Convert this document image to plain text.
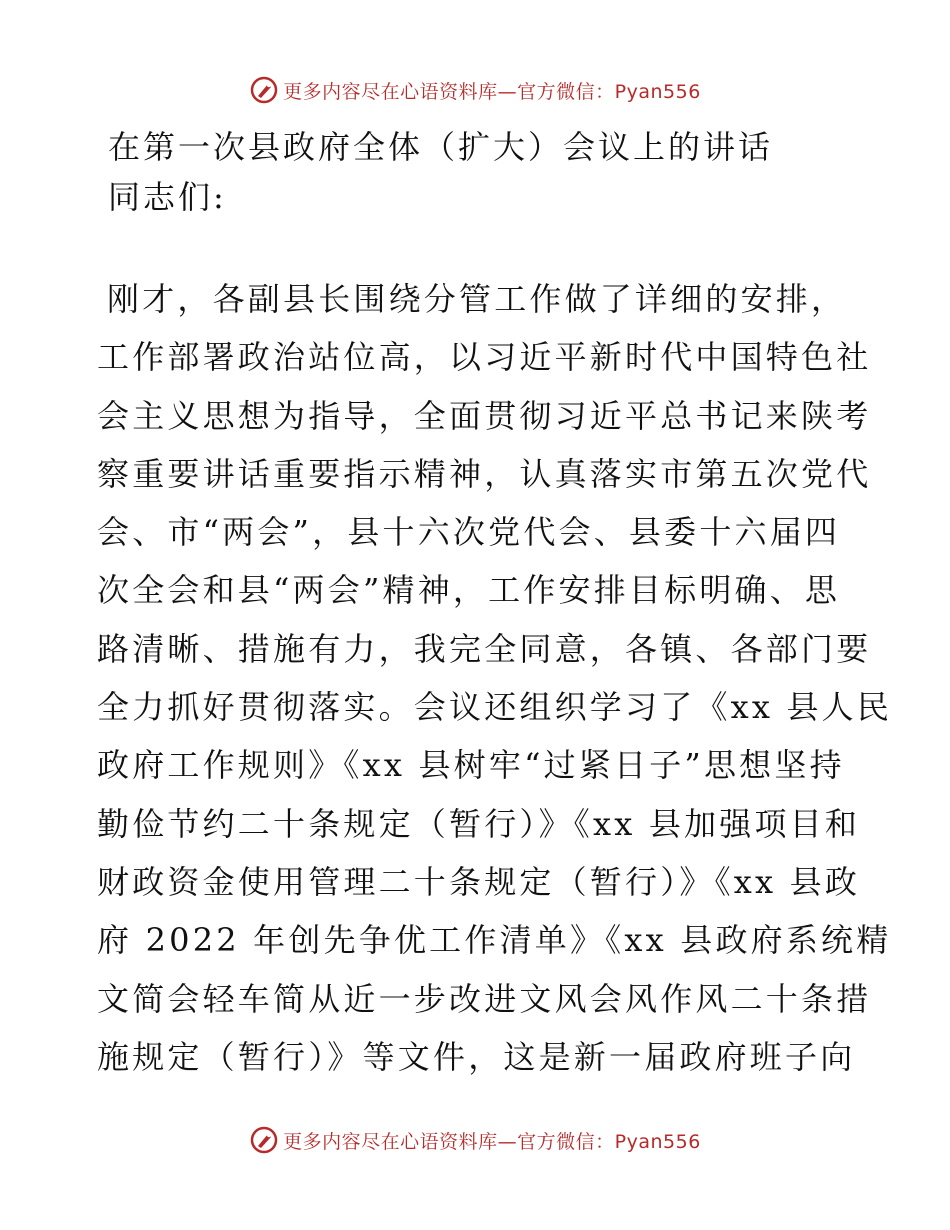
更多内容尽在心语资料库—官方微信：Pyan556
在第一次县政府全体（扩大）会议上的讲话

同志们:

刚才，各副县长围绕分管工作做了详细的安排，

工作部署政治站位高，以习近平新时代中国特色社

会主义思想为指导，全面贯彻习近平总书记来陕考

察重要讲话重要指示精神，认真落实市第五次党代

会、市“两会”，县十六次党代会、县委十六届四

次全会和县“两会”精神，工作安排目标明确、思

路清晰、措施有力，我完全同意，各镇、各部门要

全力抓好贯彻落实。会议还组织学习了《xx 县人民

政府工作规则》《xx 县树牢“过紧日子”思想坚持

勤俭节约二十条规定（暂行）》《xx 县加强项目和

财政资金使用管理二十条规定（暂行）》《xx 县政

府 2022 年创先争优工作清单》《xx 县政府系统精

文简会轻车简从近一步改进文风会风作风二十条措

施规定（暂行）》等文件，这是新一届政府班子向

更多内容尽在心语资料库—官方微信：Pyan556
